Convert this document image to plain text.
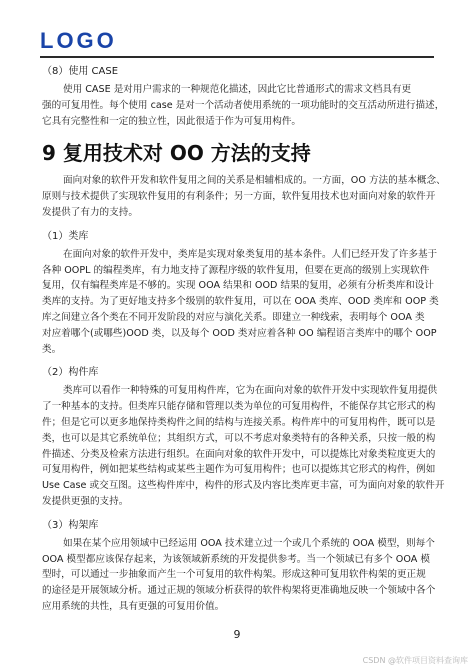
LOGO

（8）使用 CASE

使用 CASE 是对用户需求的一种规范化描述，因此它比普通形式的需求文档具有更
强的可复用性。每个使用 case 是对一个活动者使用系统的一项功能时的交互活动所进行描述，
它具有完整性和一定的独立性，因此很适于作为可复用构件。

9 复用技术对 OO 方法的支持

面向对象的软件开发和软件复用之间的关系是相辅相成的。一方面，OO 方法的基本概念、
原则与技术提供了实现软件复用的有利条件；另一方面，软件复用技术也对面向对象的软件开
发提供了有力的支持。

（1）类库

在面向对象的软件开发中，类库是实现对象类复用的基本条件。人们已经开发了许多基于
各种 OOPL 的编程类库，有力地支持了源程序级的软件复用，但要在更高的级别上实现软件
复用，仅有编程类库是不够的。实现 OOA 结果和 OOD 结果的复用，必须有分析类库和设计
类库的支持。为了更好地支持多个级别的软件复用，可以在 OOA 类库、OOD 类库和 OOP 类
库之间建立各个类在不同开发阶段的对应与演化关系。即建立一种线索，表明每个 OOA 类
对应着哪个(或哪些)OOD 类，以及每个 OOD 类对应着各种 OO 编程语言类库中的哪个 OOP
类。

（2）构件库

类库可以看作一种特殊的可复用构件库，它为在面向对象的软件开发中实现软件复用提供
了一种基本的支持。但类库只能存储和管理以类为单位的可复用构件，不能保存其它形式的构
件；但是它可以更多地保持类构件之间的结构与连接关系。构件库中的可复用构件，既可以是
类，也可以是其它系统单位；其组织方式，可以不考虑对象类特有的各种关系，只按一般的构
件描述、分类及检索方法进行组织。在面向对象的软件开发中，可以提炼比对象类粒度更大的
可复用构件，例如把某些结构或某些主题作为可复用构件；也可以提炼其它形式的构件，例如
Use Case 或交互图。这些构件库中，构件的形式及内容比类库更丰富，可为面向对象的软件开
发提供更强的支持。

（3）构架库

如果在某个应用领域中已经运用 OOA 技术建立过一个或几个系统的 OOA 模型，则每个
OOA 模型都应该保存起来，为该领域新系统的开发提供参考。当一个领域已有多个 OOA 模
型时，可以通过一步抽象而产生一个可复用的软件构架。形成这种可复用软件构架的更正规
的途径是开展领域分析。通过正规的领域分析获得的软件构架将更准确地反映一个领域中各个
应用系统的共性，具有更强的可复用价值。

9
CSDN @软件项目资料查询库
